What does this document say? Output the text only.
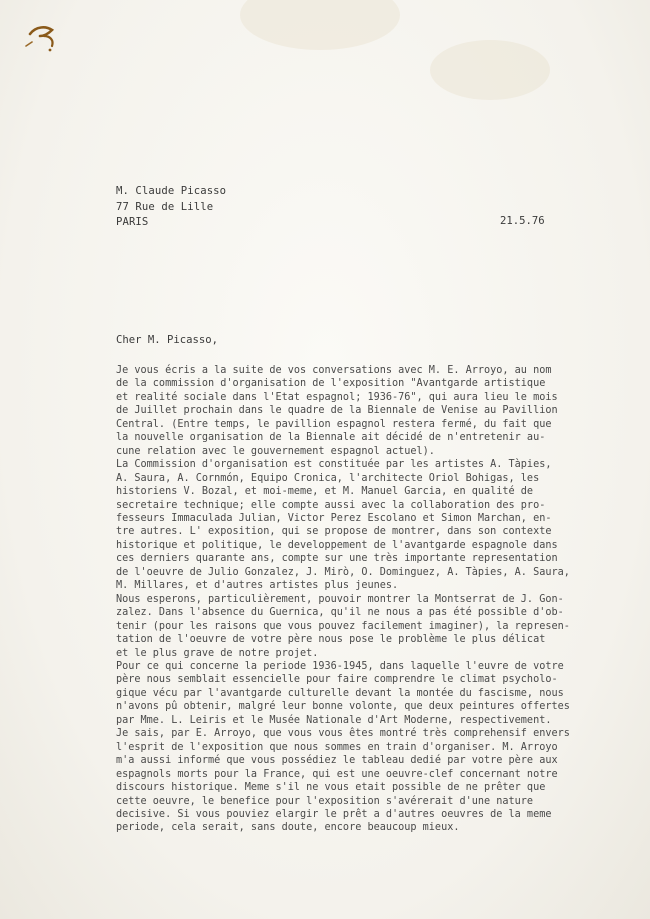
M. Claude Picasso
77 Rue de Lille
PARIS	21.5.76
Cher M. Picasso,
Je vous écris a la suite de vos conversations avec M. E. Arroyo, au nom
de la commission d'organisation de l'exposition "Avantgarde artistique
et realité sociale dans l'Etat espagnol; 1936-76", qui aura lieu le mois
de Juillet prochain dans le quadre de la Biennale de Venise au Pavillion
Central. (Entre temps, le pavillion espagnol restera fermé, du fait que
la nouvelle organisation de la Biennale ait décidé de n'entretenir au-
cune relation avec le gouvernement espagnol actuel).
La Commission d'organisation est constituée par les artistes A. Tàpies,
A. Saura, A. Cornmón, Equipo Cronica, l'architecte Oriol Bohigas, les
historiens V. Bozal, et moi-meme, et M. Manuel Garcia, en qualité de
secretaire technique; elle compte aussi avec la collaboration des pro-
fesseurs Immaculada Julian, Victor Perez Escolano et Simon Marchan, en-
tre autres. L' exposition, qui se propose de montrer, dans son contexte
historique et politique, le developpement de l'avantgarde espagnole dans
ces derniers quarante ans, compte sur une très importante representation
de l'oeuvre de Julio Gonzalez, J. Mirò, O. Dominguez, A. Tàpies, A. Saura,
M. Millares, et d'autres artistes plus jeunes.
Nous esperons, particulièrement, pouvoir montrer la Montserrat de J. Gon-
zalez. Dans l'absence du Guernica, qu'il ne nous a pas été possible d'ob-
tenir (pour les raisons que vous pouvez facilement imaginer), la represen-
tation de l'oeuvre de votre père nous pose le problème le plus délicat
et le plus grave de notre projet.
Pour ce qui concerne la periode 1936-1945, dans laquelle l'euvre de votre
père nous semblait essencielle pour faire comprendre le climat psycholo-
gique vécu par l'avantgarde culturelle devant la montée du fascisme, nous
n'avons pû obtenir, malgré leur bonne volonte, que deux peintures offertes
par Mme. L. Leiris et le Musée Nationale d'Art Moderne, respectivement.
Je sais, par E. Arroyo, que vous vous êtes montré très comprehensif envers
l'esprit de l'exposition que nous sommes en train d'organiser. M. Arroyo
m'a aussi informé que vous possédiez le tableau dedié par votre père aux
espagnols morts pour la France, qui est une oeuvre-clef concernant notre
discours historique. Meme s'il ne vous etait possible de ne prêter que
cette oeuvre, le benefice pour l'exposition s'avérerait d'une nature
decisive. Si vous pouviez elargir le prêt a d'autres oeuvres de la meme
periode, cela serait, sans doute, encore beaucoup mieux.
